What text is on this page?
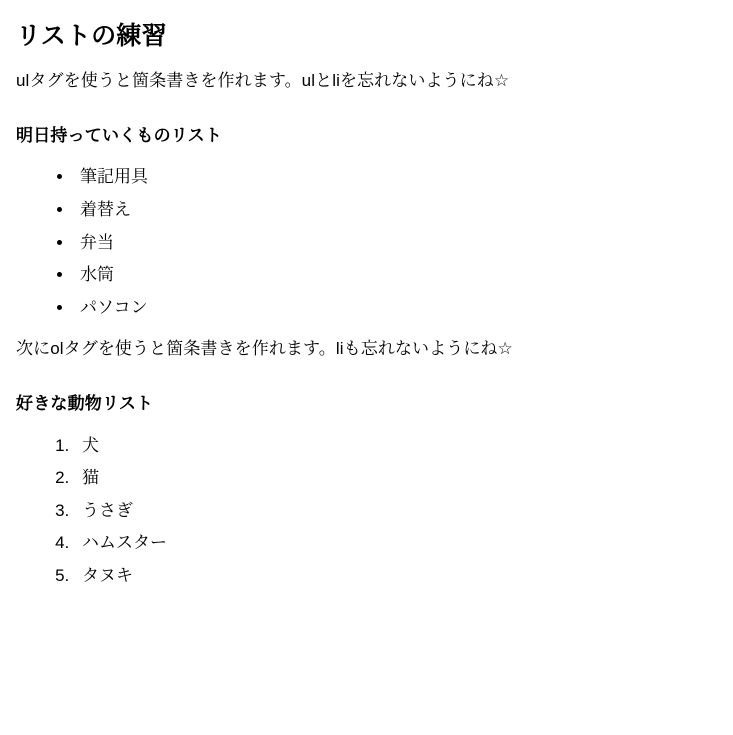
リストの練習

ulタグを使うと箇条書きを作れます。ulとliを忘れないようにね☆

明日持っていくものリスト
• 筆記用具
• 着替え
• 弁当
• 水筒
• パソコン

次にolタグを使うと箇条書きを作れます。liも忘れないようにね☆

好きな動物リスト
1. 犬
2. 猫
3. うさぎ
4. ハムスター
5. タヌキ
